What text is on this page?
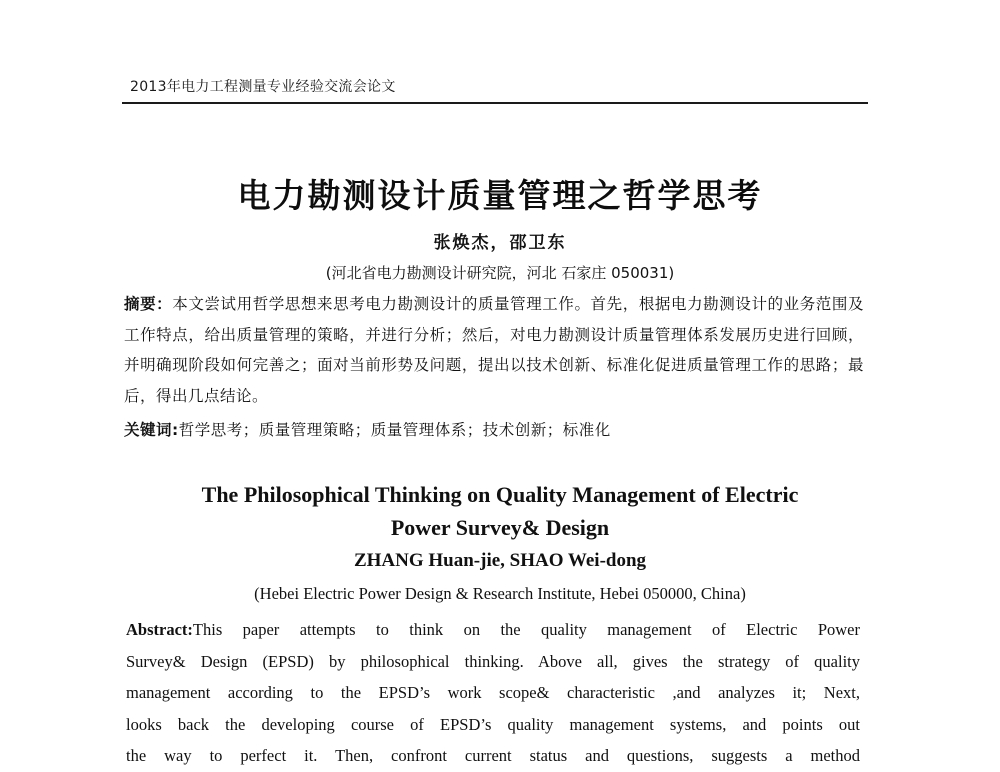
2013年电力工程测量专业经验交流会论文
电力勘测设计质量管理之哲学思考
张焕杰，邵卫东
(河北省电力勘测设计研究院，河北 石家庄 050031)
摘要：本文尝试用哲学思想来思考电力勘测设计的质量管理工作。首先，根据电力勘测设计的业务范围及工作特点，给出质量管理的策略，并进行分析；然后，对电力勘测设计质量管理体系发展历史进行回顾，并明确现阶段如何完善之；面对当前形势及问题，提出以技术创新、标准化促进质量管理工作的思路；最后，得出几点结论。
关键词:哲学思考；质量管理策略；质量管理体系；技术创新；标准化
The Philosophical Thinking on Quality Management of Electric
Power Survey& Design
ZHANG Huan-jie, SHAO Wei-dong
(Hebei Electric Power Design & Research Institute, Hebei 050000, China)
Abstract:This paper attempts to think on the quality management of Electric Power
Survey& Design (EPSD) by philosophical thinking. Above all, gives the strategy of quality
management according to the EPSD’s work scope& characteristic ,and analyzes it; Next,
looks back the developing course of EPSD’s quality management systems, and points out
the way to perfect it. Then, confront current status and questions, suggests a method
